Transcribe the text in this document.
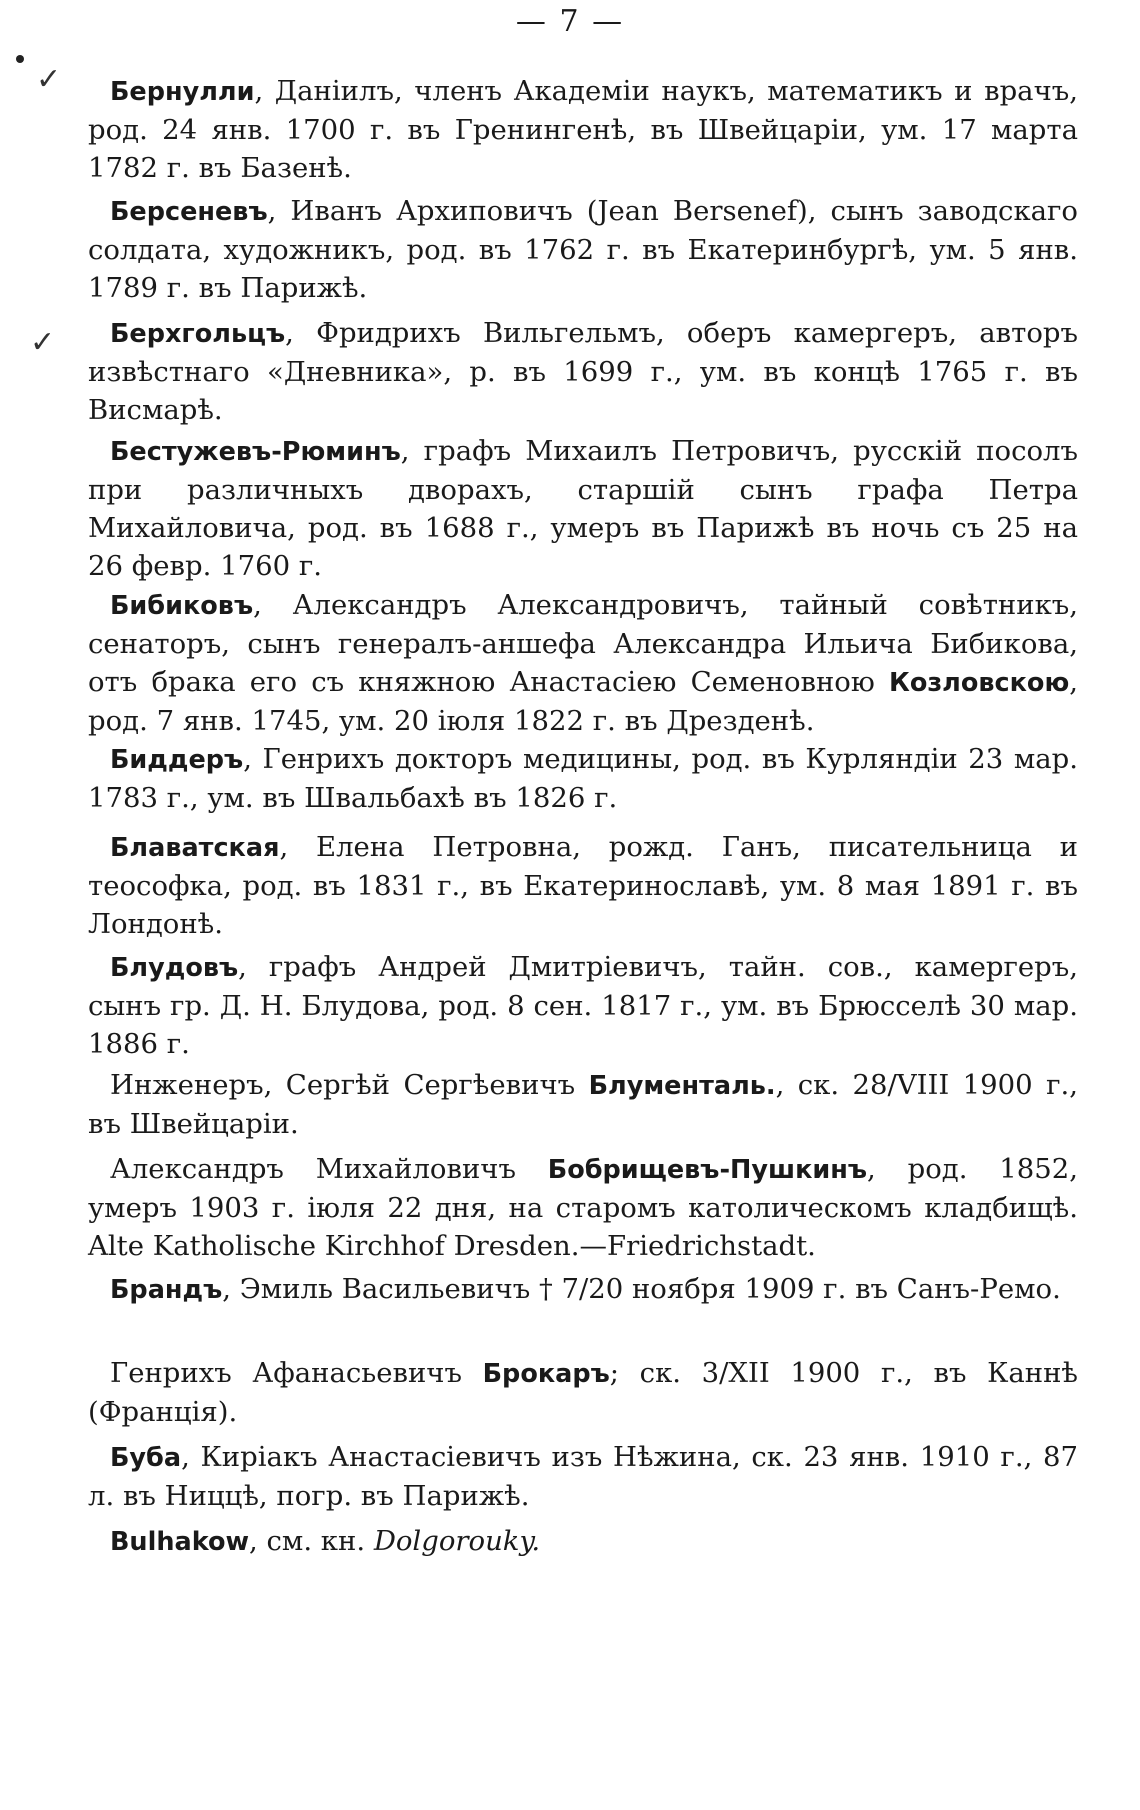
— 7 —
✓
✓

Бернулли, Данiилъ, членъ Академiи наукъ, математикъ и врачъ, род. 24 янв. 1700 г. въ Гренингенѣ, въ Швейцарiи, ум. 17 марта 1782 г. въ Базенѣ.

Берсеневъ, Иванъ Архиповичъ (Jean Bersenef), сынъ заводскаго солдата, художникъ, род. въ 1762 г. въ Екатеринбургѣ, ум. 5 янв. 1789 г. въ Парижѣ.

Берхгольцъ, Фридрихъ Вильгельмъ, оберъ камергеръ, авторъ извѣстнаго «Дневника», р. въ 1699 г., ум. въ концѣ 1765 г. въ Висмарѣ.

Бестужевъ-Рюминъ, графъ Михаилъ Петровичъ, русскiй посолъ при различныхъ дворахъ, старшiй сынъ графа Петра Михайловича, род. въ 1688 г., умеръ въ Парижѣ въ ночь съ 25 на 26 февр. 1760 г.

Бибиковъ, Александръ Александровичъ, тайный совѣтникъ, сенаторъ, сынъ генералъ-аншефа Александра Ильича Бибикова, отъ брака его съ княжною Анастасiею Семеновною Козловскою, род. 7 янв. 1745, ум. 20 iюля 1822 г. въ Дрезденѣ.

Биддеръ, Генрихъ докторъ медицины, род. въ Курляндiи 23 мар. 1783 г., ум. въ Швальбахѣ въ 1826 г.

Блаватская, Елена Петровна, рожд. Ганъ, писательница и теософка, род. въ 1831 г., въ Екатеринославѣ, ум. 8 мая 1891 г. въ Лондонѣ.

Блудовъ, графъ Андрей Дмитрiевичъ, тайн. сов., камергеръ, сынъ гр. Д. Н. Блудова, род. 8 сен. 1817 г., ум. въ Брюсселѣ 30 мар. 1886 г.

Инженеръ, Сергѣй Сергѣевичъ Блументаль., ск. 28/VIII 1900 г., въ Швейцарiи.

Александръ Михайловичъ Бобрищевъ-Пушкинъ, род. 1852, умеръ 1903 г. iюля 22 дня, на старомъ католическомъ кладбищѣ. Alte Katholische Kirchhof Dresden.—Friedrichstadt.

Брандъ, Эмиль Васильевичъ † 7/20 ноября 1909 г. въ Санъ-Ремо.

Генрихъ Афанасьевичъ Брокаръ; ск. 3/XII 1900 г., въ Каннѣ (Францiя).

Буба, Кирiакъ Анастасiевичъ изъ Нѣжина, ск. 23 янв. 1910 г., 87 л. въ Ниццѣ, погр. въ Парижѣ.

Bulhakow, см. кн. Dolgorouky.
